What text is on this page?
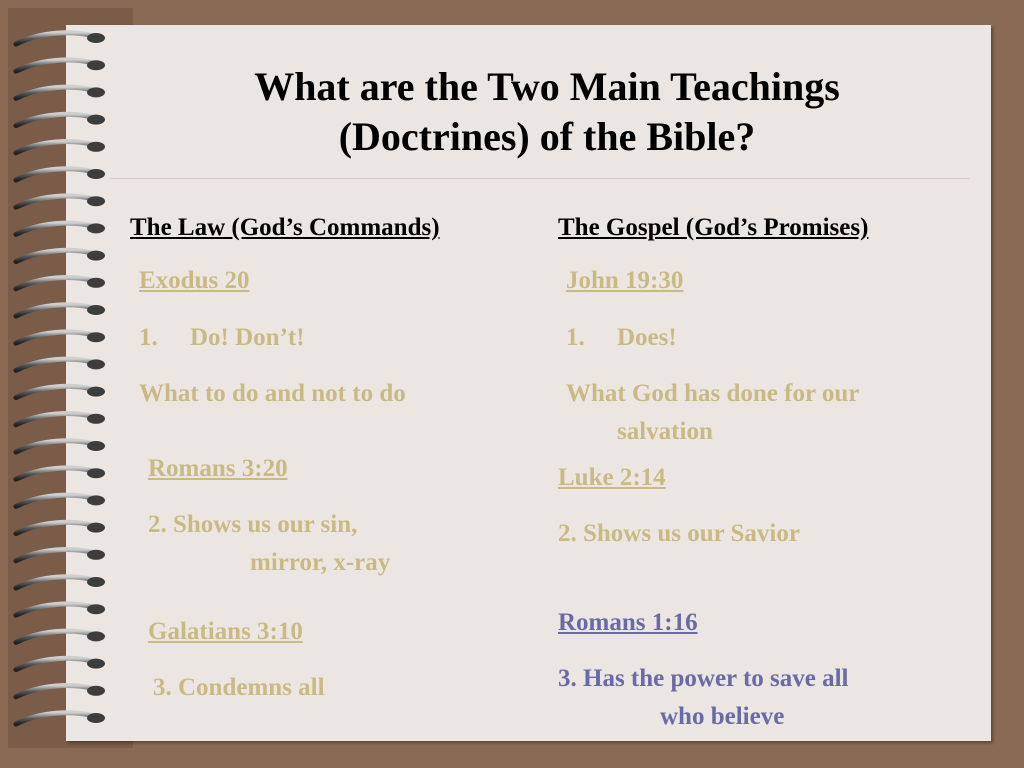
What are the Two Main Teachings
(Doctrines) of the Bible?
The Law (God’s Commands)
Exodus 20
1. Do! Don’t!
What to do and not to do
Romans 3:20
2. Shows us our sin,
mirror, x-ray
Galatians 3:10
3. Condemns all
The Gospel (God’s Promises)
John 19:30
1. Does!
What God has done for our
salvation
Luke 2:14
2. Shows us our Savior
Romans 1:16
3. Has the power to save all
who believe
